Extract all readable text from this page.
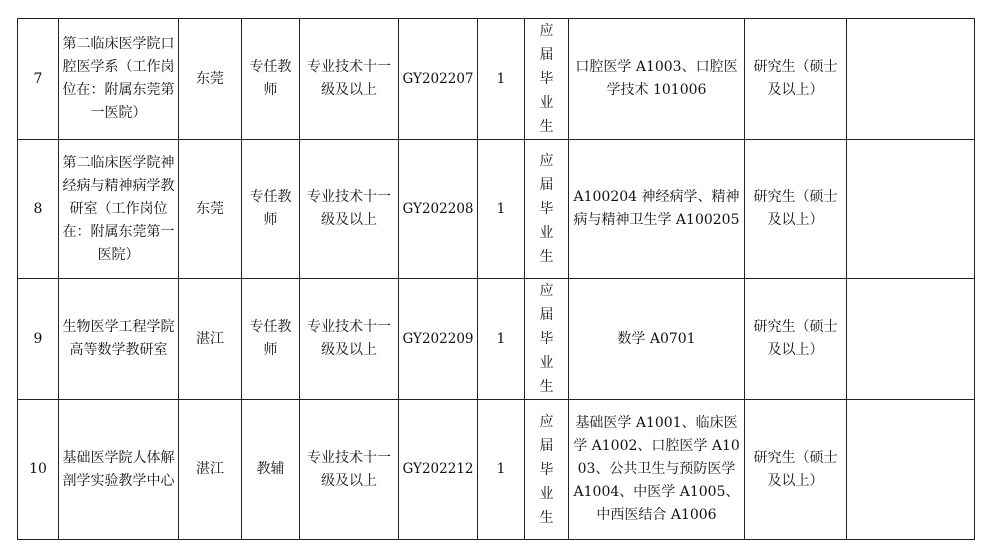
7	第二临床医学院口腔医学系（工作岗位在：附属东莞第一医院）	东莞	专任教师	专业技术十一级及以上	GY202207	1	应届毕业生	口腔医学 A1003、口腔医学技术 101006	研究生（硕士及以上）	
8	第二临床医学院神经病与精神病学教研室（工作岗位在：附属东莞第一医院）	东莞	专任教师	专业技术十一级及以上	GY202208	1	应届毕业生	A100204 神经病学、精神病与精神卫生学 A100205	研究生（硕士及以上）	
9	生物医学工程学院高等数学教研室	湛江	专任教师	专业技术十一级及以上	GY202209	1	应届毕业生	数学 A0701	研究生（硕士及以上）	
10	基础医学院人体解剖学实验教学中心	湛江	教辅	专业技术十一级及以上	GY202212	1	应届毕业生	基础医学 A1001、临床医学 A1002、口腔医学 A1003、公共卫生与预防医学 A1004、中医学 A1005、中西医结合 A1006	研究生（硕士及以上）	
